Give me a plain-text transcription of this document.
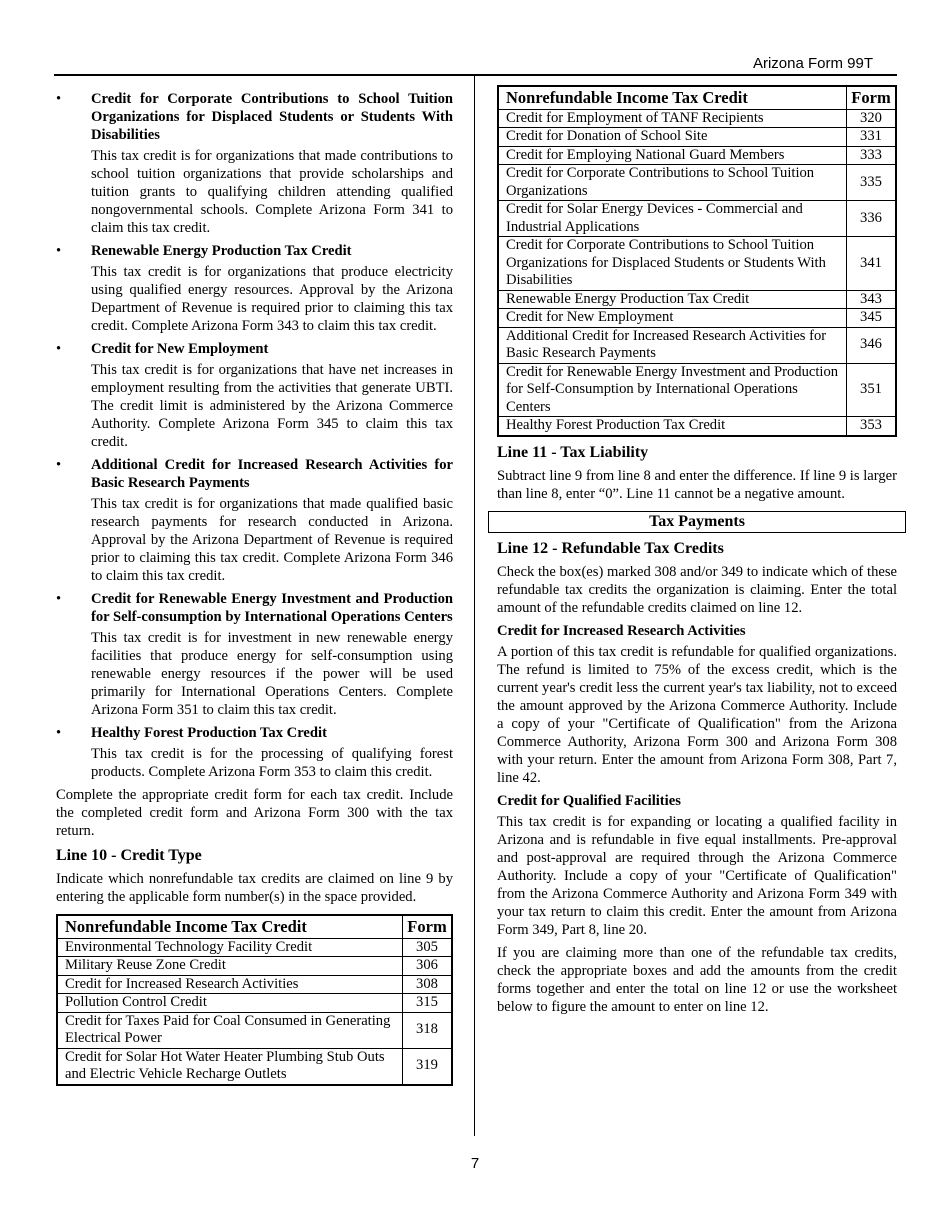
Arizona Form 99T
•	Credit for Corporate Contributions to School Tuition Organizations for Displaced Students or Students With Disabilities
This tax credit is for organizations that made contributions to school tuition organizations that provide scholarships and tuition grants to qualifying children attending qualified nongovernmental schools. Complete Arizona Form 341 to claim this tax credit.
•	Renewable Energy Production Tax Credit
This tax credit is for organizations that produce electricity using qualified energy resources. Approval by the Arizona Department of Revenue is required prior to claiming this tax credit. Complete Arizona Form 343 to claim this tax credit.
•	Credit for New Employment
This tax credit is for organizations that have net increases in employment resulting from the activities that generate UBTI. The credit limit is administered by the Arizona Commerce Authority. Complete Arizona Form 345 to claim this tax credit.
•	Additional Credit for Increased Research Activities for Basic Research Payments
This tax credit is for organizations that made qualified basic research payments for research conducted in Arizona. Approval by the Arizona Department of Revenue is required prior to claiming this tax credit. Complete Arizona Form 346 to claim this tax credit.
•	Credit for Renewable Energy Investment and Production for Self-consumption by International Operations Centers
This tax credit is for investment in new renewable energy facilities that produce energy for self-consumption using renewable energy resources if the power will be used primarily for International Operations Centers. Complete Arizona Form 351 to claim this tax credit.
•	Healthy Forest Production Tax Credit
This tax credit is for the processing of qualifying forest products. Complete Arizona Form 353 to claim this credit.

Complete the appropriate credit form for each tax credit. Include the completed credit form and Arizona Form 300 with the tax return.

Line 10 - Credit Type

Indicate which nonrefundable tax credits are claimed on line 9 by entering the applicable form number(s) in the space provided.

Nonrefundable Income Tax Credit	Form
Environmental Technology Facility Credit	305
Military Reuse Zone Credit	306
Credit for Increased Research Activities	308
Pollution Control Credit	315
Credit for Taxes Paid for Coal Consumed in Generating Electrical Power	318
Credit for Solar Hot Water Heater Plumbing Stub Outs and Electric Vehicle Recharge Outlets	319
Nonrefundable Income Tax Credit	Form
Credit for Employment of TANF Recipients	320
Credit for Donation of School Site	331
Credit for Employing National Guard Members	333
Credit for Corporate Contributions to School Tuition Organizations	335
Credit for Solar Energy Devices - Commercial and Industrial Applications	336
Credit for Corporate Contributions to School Tuition Organizations for Displaced Students or Students With Disabilities	341
Renewable Energy Production Tax Credit	343
Credit for New Employment	345
Additional Credit for Increased Research Activities for Basic Research Payments	346
Credit for Renewable Energy Investment and Production for Self-Consumption by International Operations Centers	351
Healthy Forest Production Tax Credit	353
Line 11 - Tax Liability

Subtract line 9 from line 8 and enter the difference. If line 9 is larger than line 8, enter “0”. Line 11 cannot be a negative amount.

Tax Payments
Line 12 - Refundable Tax Credits

Check the box(es) marked 308 and/or 349 to indicate which of these refundable tax credits the organization is claiming. Enter the total amount of the refundable credits claimed on line 12.

Credit for Increased Research Activities

A portion of this tax credit is refundable for qualified organizations. The refund is limited to 75% of the excess credit, which is the current year's credit less the current year's tax liability, not to exceed the amount approved by the Arizona Commerce Authority. Include a copy of your "Certificate of Qualification" from the Arizona Commerce Authority, Arizona Form 300 and Arizona Form 308 with your return. Enter the amount from Arizona Form 308, Part 7, line 42.

Credit for Qualified Facilities

This tax credit is for expanding or locating a qualified facility in Arizona and is refundable in five equal installments. Pre-approval and post-approval are required through the Arizona Commerce Authority. Include a copy of your "Certificate of Qualification" from the Arizona Commerce Authority and Arizona Form 349 with your tax return to claim this credit. Enter the amount from Arizona Form 349, Part 8, line 20.

If you are claiming more than one of the refundable tax credits, check the appropriate boxes and add the amounts from the credit forms together and enter the total on line 12 or use the worksheet below to figure the amount to enter on line 12.

7
